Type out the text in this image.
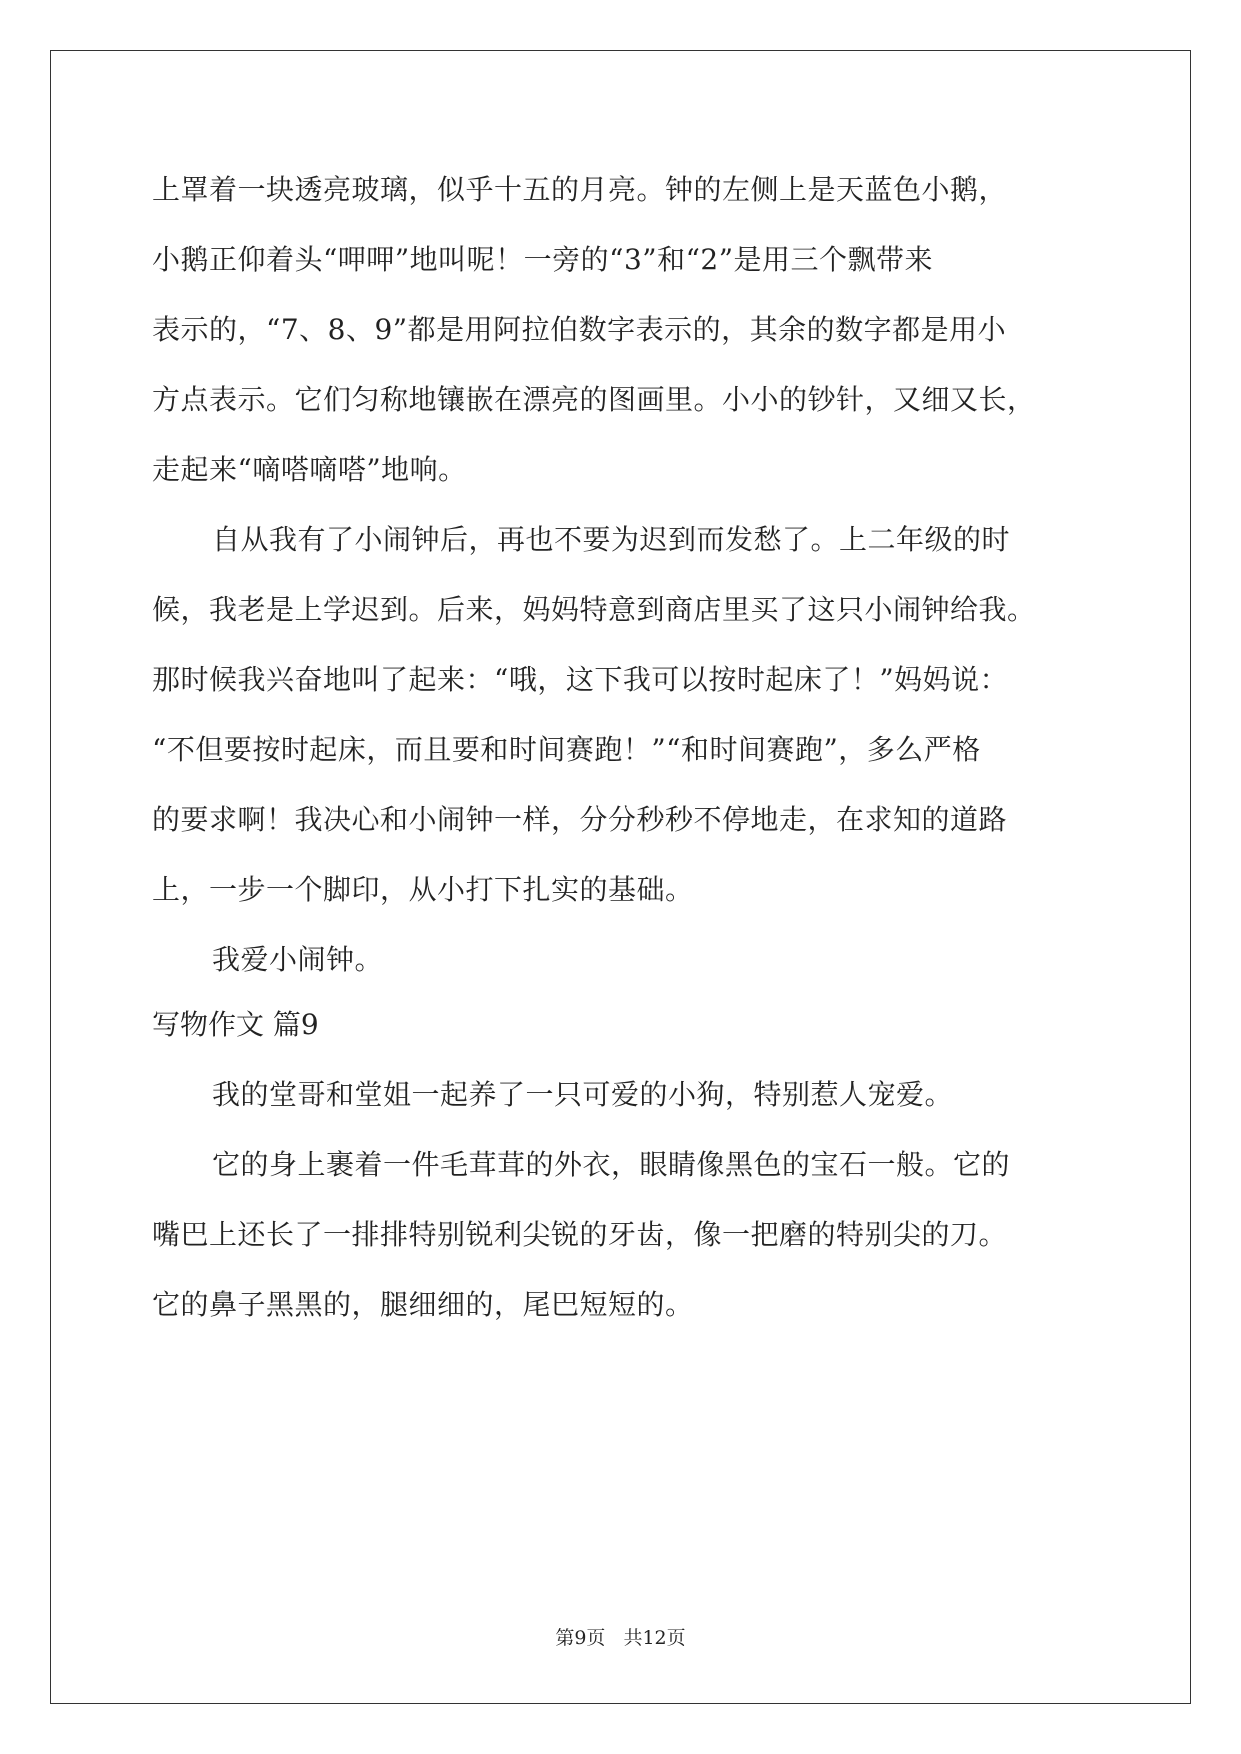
上罩着一块透亮玻璃，似乎十五的月亮。钟的左侧上是天蓝色小鹅，
小鹅正仰着头“呷呷”地叫呢！一旁的“3”和“2”是用三个飘带来
表示的，“7、8、9”都是用阿拉伯数字表示的，其余的数字都是用小
方点表示。它们匀称地镶嵌在漂亮的图画里。小小的钞针，又细又长，
走起来“嘀嗒嘀嗒”地响。
自从我有了小闹钟后，再也不要为迟到而发愁了。上二年级的时
候，我老是上学迟到。后来，妈妈特意到商店里买了这只小闹钟给我。
那时候我兴奋地叫了起来：“哦，这下我可以按时起床了！”妈妈说：
“不但要按时起床，而且要和时间赛跑！”“和时间赛跑”，多么严格
的要求啊！我决心和小闹钟一样，分分秒秒不停地走，在求知的道路
上，一步一个脚印，从小打下扎实的基础。
我爱小闹钟。
写物作文 篇9
我的堂哥和堂姐一起养了一只可爱的小狗，特别惹人宠爱。
它的身上裹着一件毛茸茸的外衣，眼睛像黑色的宝石一般。它的
嘴巴上还长了一排排特别锐利尖锐的牙齿，像一把磨的特别尖的刀。
它的鼻子黑黑的，腿细细的，尾巴短短的。
第9页 共12页
